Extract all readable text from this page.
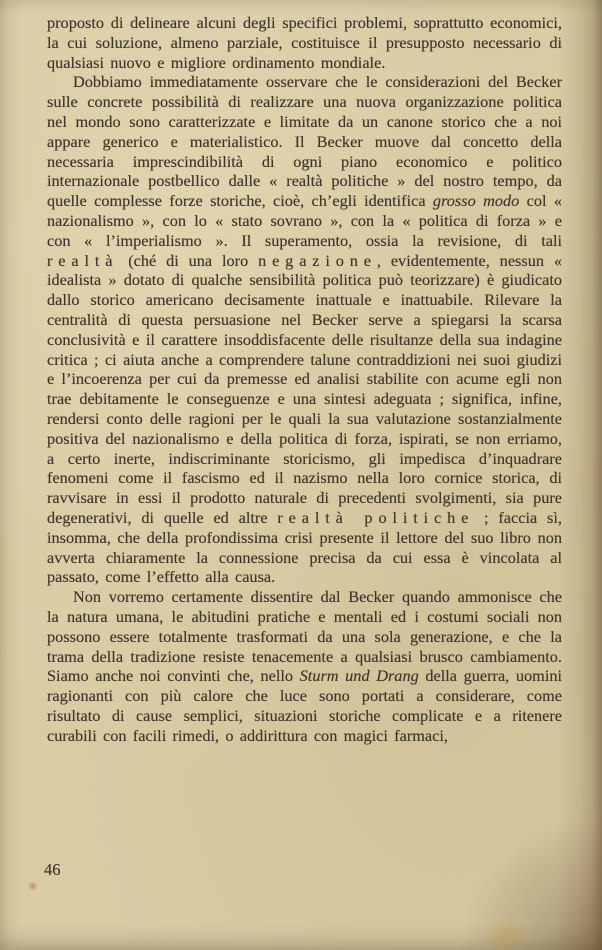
proposto di delineare alcuni degli specifici problemi, soprattutto economici, la cui soluzione, almeno parziale, costituisce il presupposto necessario di qualsiasi nuovo e migliore ordinamento mondiale.

Dobbiamo immediatamente osservare che le considerazioni del Becker sulle concrete possibilità di realizzare una nuova organizzazione politica nel mondo sono caratterizzate e limitate da un canone storico che a noi appare generico e materialistico. Il Becker muove dal concetto della necessaria imprescindibilità di ogni piano economico e politico internazionale postbellico dalle « realtà politiche » del nostro tempo, da quelle complesse forze storiche, cioè, ch’egli identifica grosso modo col « nazionalismo », con lo « stato sovrano », con la « politica di forza » e con « l’imperialismo ». Il superamento, ossia la revisione, di tali realtà (ché di una loro negazione, evidentemente, nessun « idealista » dotato di qualche sensibilità politica può teorizzare) è giudicato dallo storico americano decisamente inattuale e inattuabile. Rilevare la centralità di questa persuasione nel Becker serve a spiegarsi la scarsa conclusività e il carattere insoddisfacente delle risultanze della sua indagine critica ; ci aiuta anche a comprendere talune contraddizioni nei suoi giudizi e l’incoerenza per cui da premesse ed analisi stabilite con acume egli non trae debitamente le conseguenze e una sintesi adeguata ; significa, infine, rendersi conto delle ragioni per le quali la sua valutazione sostanzialmente positiva del nazionalismo e della politica di forza, ispirati, se non erriamo, a certo inerte, indiscriminante storicismo, gli impedisca d’inquadrare fenomeni come il fascismo ed il nazismo nella loro cornice storica, di ravvisare in essi il prodotto naturale di precedenti svolgimenti, sia pure degenerativi, di quelle ed altre realtà politiche ; faccia sì, insomma, che della profondissima crisi presente il lettore del suo libro non avverta chiaramente la connessione precisa da cui essa è vincolata al passato, come l’effetto alla causa.

Non vorremo certamente dissentire dal Becker quando ammonisce che la natura umana, le abitudini pratiche e mentali ed i costumi sociali non possono essere totalmente trasformati da una sola generazione, e che la trama della tradizione resiste tenacemente a qualsiasi brusco cambiamento. Siamo anche noi convinti che, nello Sturm und Drang della guerra, uomini ragionanti con più calore che luce sono portati a considerare, come risultato di cause semplici, situazioni storiche complicate e a ritenere curabili con facili rimedi, o addirittura con magici farmaci,

46
